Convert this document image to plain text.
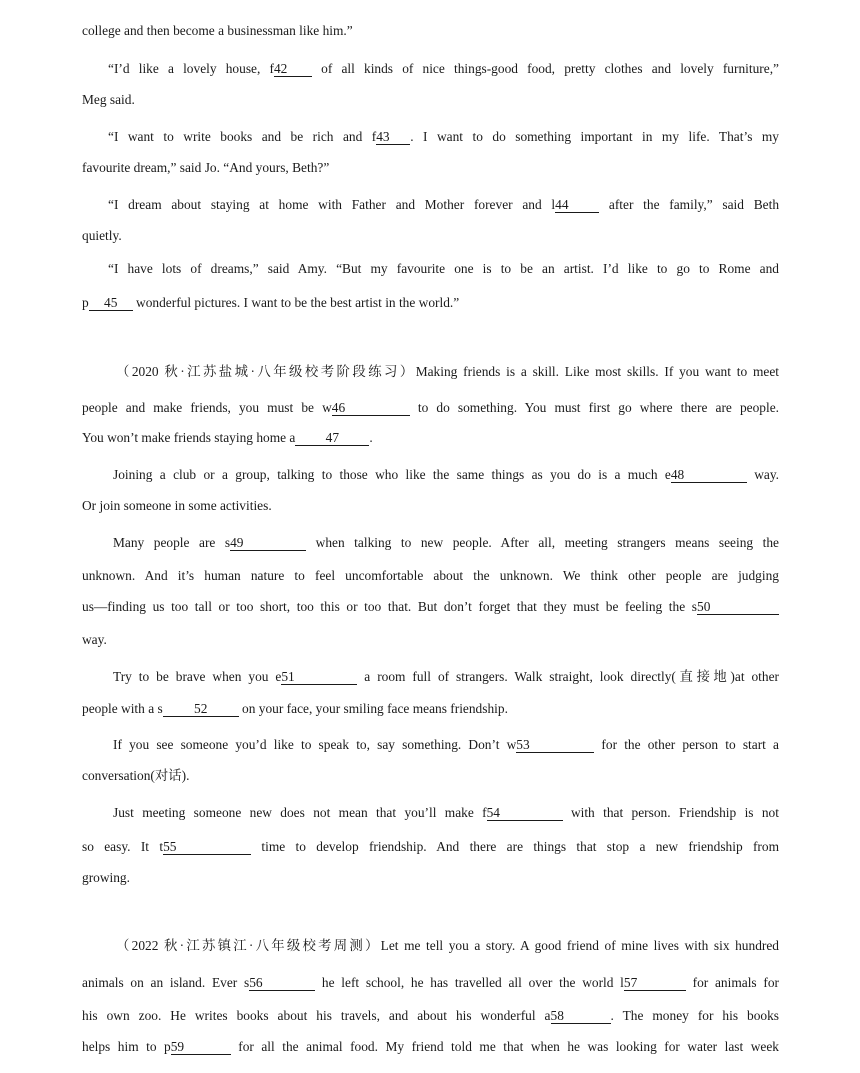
college and then become a businessman like him.”
“I’d like a lovely house, f42 of all kinds of nice things-good food, pretty clothes and lovely furniture,”
Meg said.
“I want to write books and be rich and f43 . I want to do something important in my life. That’s my
favourite dream,” said Jo. “And yours, Beth?”
“I dream about staying at home with Father and Mother forever and l44 after the family,” said Beth
quietly.
“I have lots of dreams,” said Amy. “But my favourite one is to be an artist. I’d like to go to Rome and
p 45 wonderful pictures. I want to be the best artist in the world.”
（2020 秋·江苏盐城·八年级校考阶段练习）Making friends is a skill. Like most skills. If you want to meet
people and make friends, you must be w46	to do something. You must first go where there are people.
You won’t make friends staying home a 47 .
Joining a club or a group, talking to those who like the same things as you do is a much e48	way.
Or join someone in some activities.
Many people are s49	when talking to new people. After all, meeting strangers means seeing the
unknown. And it’s human nature to feel uncomfortable about the unknown. We think other people are judging
us—finding us too tall or too short, too this or too that. But don’t forget that they must be feeling the s50
way.
Try to be brave when you e51	a room full of strangers. Walk straight, look directly(直接地)at other
people with a s 52 on your face, your smiling face means friendship.
If you see someone you’d like to speak to, say something. Don’t w53	for the other person to start a
conversation(对话).
Just meeting someone new does not mean that you’ll make f54	with that person. Friendship is not
so easy. It t55	time to develop friendship. And there are things that stop a new friendship from
growing.
（2022 秋·江苏镇江·八年级校考周测）Let me tell you a story. A good friend of mine lives with six hundred
animals on an island. Ever s56	he left school, he has travelled all over the world l57	for animals for
his own zoo. He writes books about his travels, and about his wonderful a58	. The money for his books
helps him to p59	for all the animal food. My friend told me that when he was looking for water last week
